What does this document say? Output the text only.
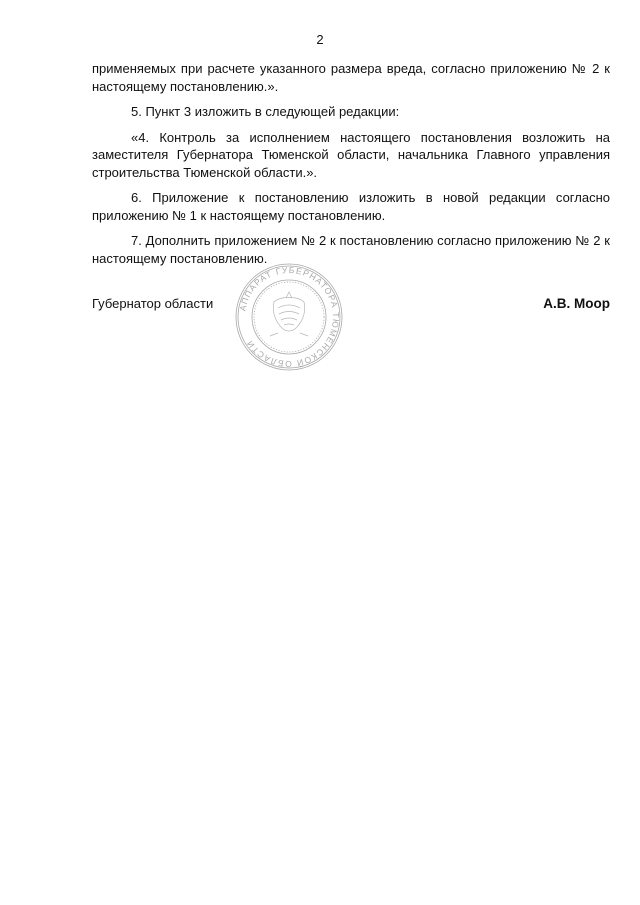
2

применяемых при расчете указанного размера вреда, согласно приложению № 2 к настоящему постановлению.».

5. Пункт 3 изложить в следующей редакции:

«4. Контроль за исполнением настоящего постановления возложить на заместителя Губернатора Тюменской области, начальника Главного управления строительства Тюменской области.».

6. Приложение к постановлению изложить в новой редакции согласно приложению № 1 к настоящему постановлению.

7. Дополнить приложением № 2 к постановлению согласно приложению № 2 к настоящему постановлению.

АППАРАТ ГУБЕРНАТОРА ТЮМЕНСКОЙ ОБЛАСТИ
Губернатор области	А.В. Моор
